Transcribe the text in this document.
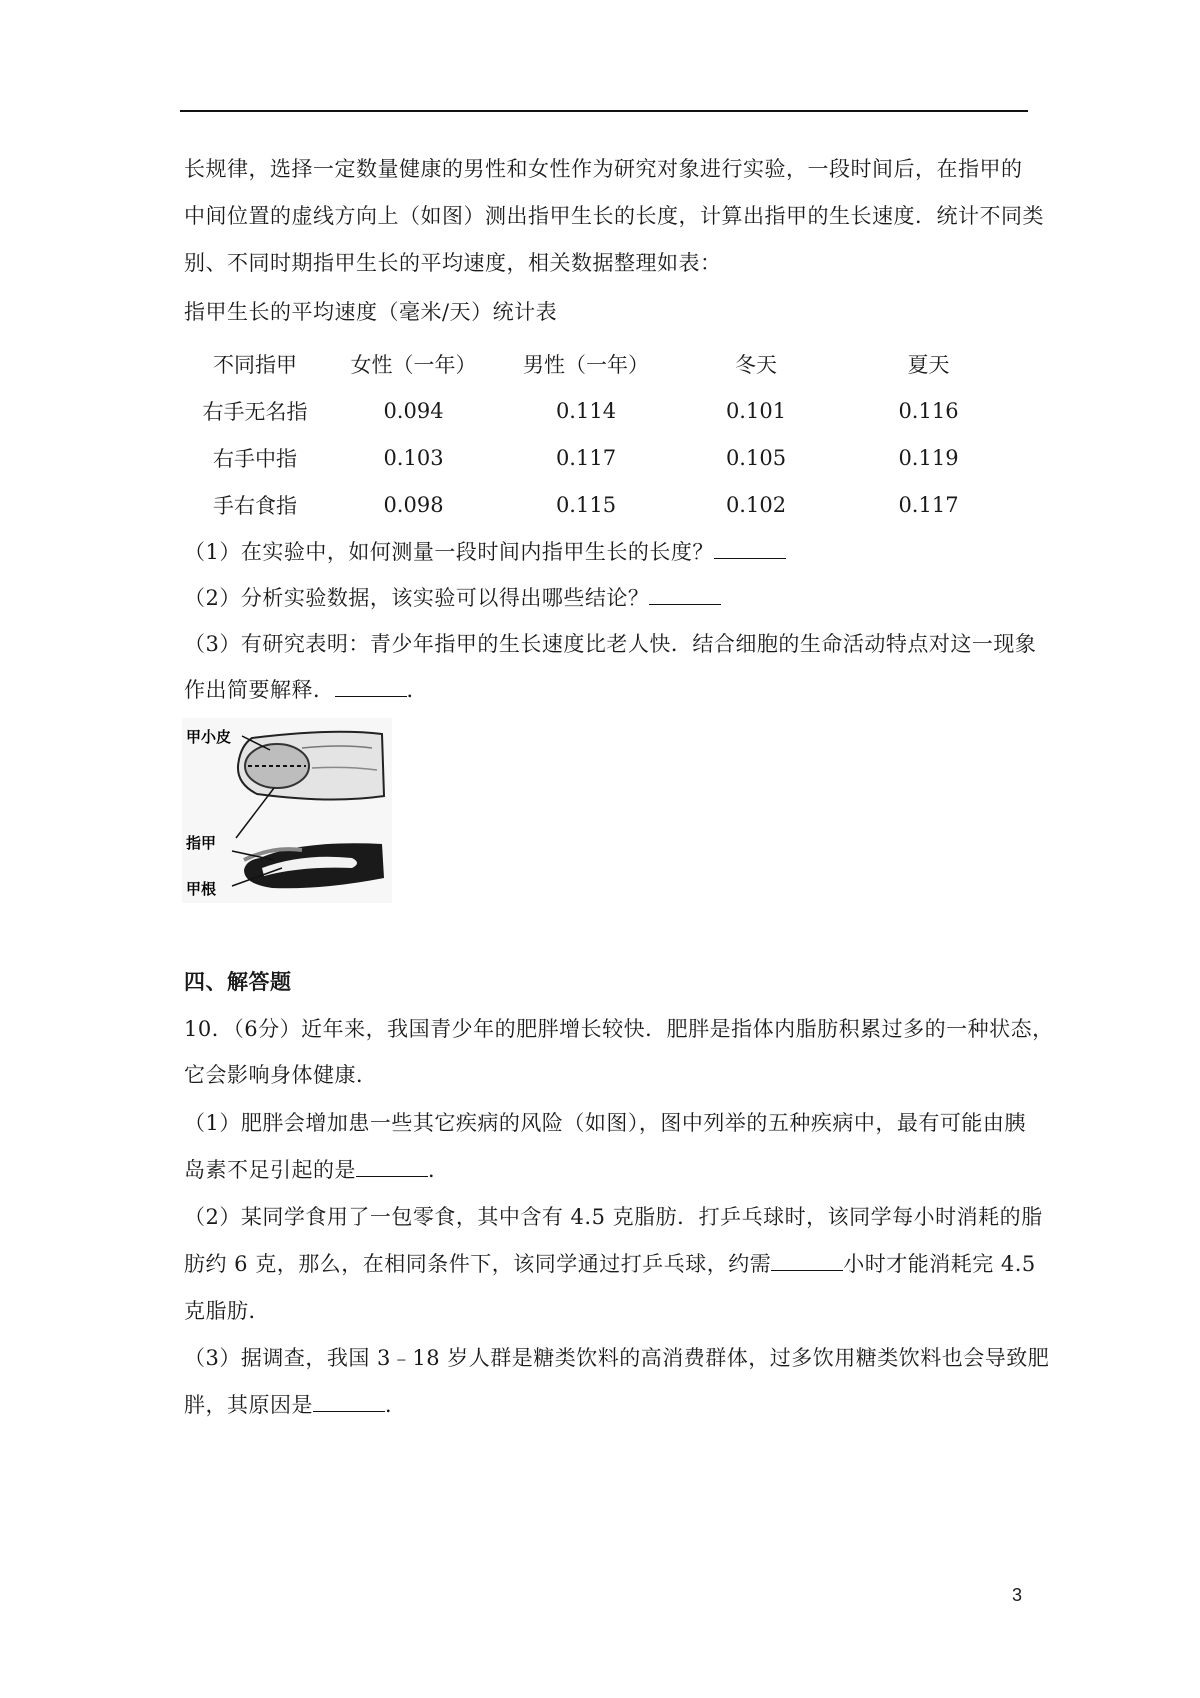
长规律，选择一定数量健康的男性和女性作为研究对象进行实验，一段时间后，在指甲的
中间位置的虚线方向上（如图）测出指甲生长的长度，计算出指甲的生长速度．统计不同类
别、不同时期指甲生长的平均速度，相关数据整理如表：
指甲生长的平均速度（毫米/天）统计表
不同指甲	女性（一年）	男性（一年）	冬天	夏天
右手无名指	0.094	0.114	0.101	0.116
右手中指	0.103	0.117	0.105	0.119
手右食指	0.098	0.115	0.102	0.117
（1）在实验中，如何测量一段时间内指甲生长的长度？
（2）分析实验数据，该实验可以得出哪些结论？
（3）有研究表明：青少年指甲的生长速度比老人快．结合细胞的生命活动特点对这一现象
作出简要解释．	．
甲小皮
指甲
甲根
四、解答题
10．（6分）近年来，我国青少年的肥胖增长较快．肥胖是指体内脂肪积累过多的一种状态，
它会影响身体健康．
（1）肥胖会增加患一些其它疾病的风险（如图），图中列举的五种疾病中，最有可能由胰
岛素不足引起的是	．
（2）某同学食用了一包零食，其中含有 4.5 克脂肪．打乒乓球时，该同学每小时消耗的脂
肪约 6 克，那么，在相同条件下，该同学通过打乒乓球，约需	小时才能消耗完 4.5
克脂肪．
（3）据调查，我国 3﹣18 岁人群是糖类饮料的高消费群体，过多饮用糖类饮料也会导致肥
胖，其原因是	．
3
